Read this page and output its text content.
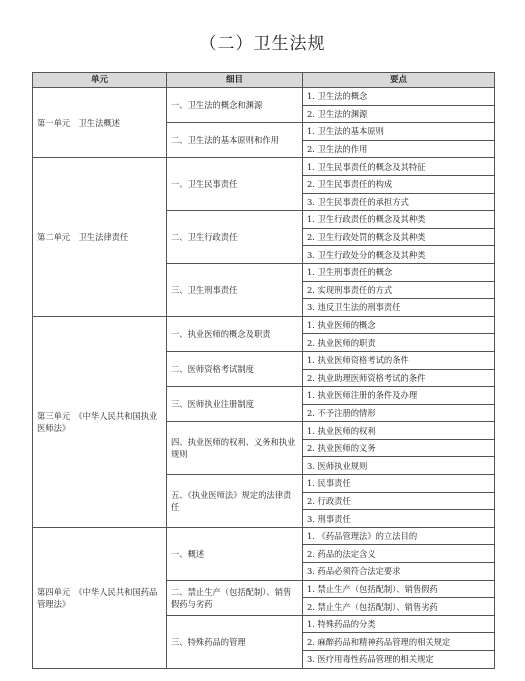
（二）卫生法规
单元	细目	要点
第一单元　卫生法概述	一、卫生法的概念和渊源	1. 卫生法的概念
		2. 卫生法的渊源
	二、卫生法的基本原则和作用	1. 卫生法的基本原则
		2. 卫生法的作用
第二单元　卫生法律责任	一、卫生民事责任	1. 卫生民事责任的概念及其特征
		2. 卫生民事责任的构成
		3. 卫生民事责任的承担方式
	二、卫生行政责任	1. 卫生行政责任的概念及其种类
		2. 卫生行政处罚的概念及其种类
		3. 卫生行政处分的概念及其种类
	三、卫生刑事责任	1. 卫生刑事责任的概念
		2. 实现刑事责任的方式
		3. 违反卫生法的刑事责任
第三单元　《中华人民共和国执业医师法》	一、执业医师的概念及职责	1. 执业医师的概念
		2. 执业医师的职责
	二、医师资格考试制度	1. 执业医师资格考试的条件
		2. 执业助理医师资格考试的条件
	三、医师执业注册制度	1. 执业医师注册的条件及办理
		2. 不予注册的情形
	四、执业医师的权利、义务和执业规则	1. 执业医师的权利
		2. 执业医师的义务
		3. 医师执业规则
	五、《执业医师法》规定的法律责任	1. 民事责任
		2. 行政责任
		3. 刑事责任
第四单元　《中华人民共和国药品管理法》	一、概述	1. 《药品管理法》的立法目的
		2. 药品的法定含义
		3. 药品必须符合法定要求
	二、禁止生产（包括配制）、销售假药与劣药	1. 禁止生产（包括配制）、销售假药
		2. 禁止生产（包括配制）、销售劣药
	三、特殊药品的管理	1. 特殊药品的分类
		2. 麻醉药品和精神药品管理的相关规定
		3. 医疗用毒性药品管理的相关规定
